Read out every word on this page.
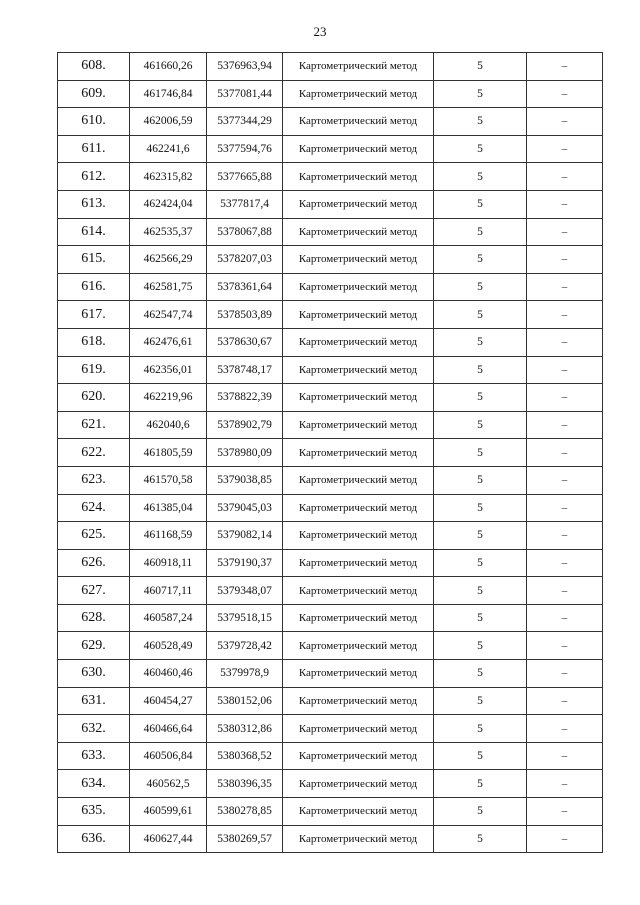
23
608.	461660,26	5376963,94	Картометрический метод	5	–
609.	461746,84	5377081,44	Картометрический метод	5	–
610.	462006,59	5377344,29	Картометрический метод	5	–
611.	462241,6	5377594,76	Картометрический метод	5	–
612.	462315,82	5377665,88	Картометрический метод	5	–
613.	462424,04	5377817,4	Картометрический метод	5	–
614.	462535,37	5378067,88	Картометрический метод	5	–
615.	462566,29	5378207,03	Картометрический метод	5	–
616.	462581,75	5378361,64	Картометрический метод	5	–
617.	462547,74	5378503,89	Картометрический метод	5	–
618.	462476,61	5378630,67	Картометрический метод	5	–
619.	462356,01	5378748,17	Картометрический метод	5	–
620.	462219,96	5378822,39	Картометрический метод	5	–
621.	462040,6	5378902,79	Картометрический метод	5	–
622.	461805,59	5378980,09	Картометрический метод	5	–
623.	461570,58	5379038,85	Картометрический метод	5	–
624.	461385,04	5379045,03	Картометрический метод	5	–
625.	461168,59	5379082,14	Картометрический метод	5	–
626.	460918,11	5379190,37	Картометрический метод	5	–
627.	460717,11	5379348,07	Картометрический метод	5	–
628.	460587,24	5379518,15	Картометрический метод	5	–
629.	460528,49	5379728,42	Картометрический метод	5	–
630.	460460,46	5379978,9	Картометрический метод	5	–
631.	460454,27	5380152,06	Картометрический метод	5	–
632.	460466,64	5380312,86	Картометрический метод	5	–
633.	460506,84	5380368,52	Картометрический метод	5	–
634.	460562,5	5380396,35	Картометрический метод	5	–
635.	460599,61	5380278,85	Картометрический метод	5	–
636.	460627,44	5380269,57	Картометрический метод	5	–
